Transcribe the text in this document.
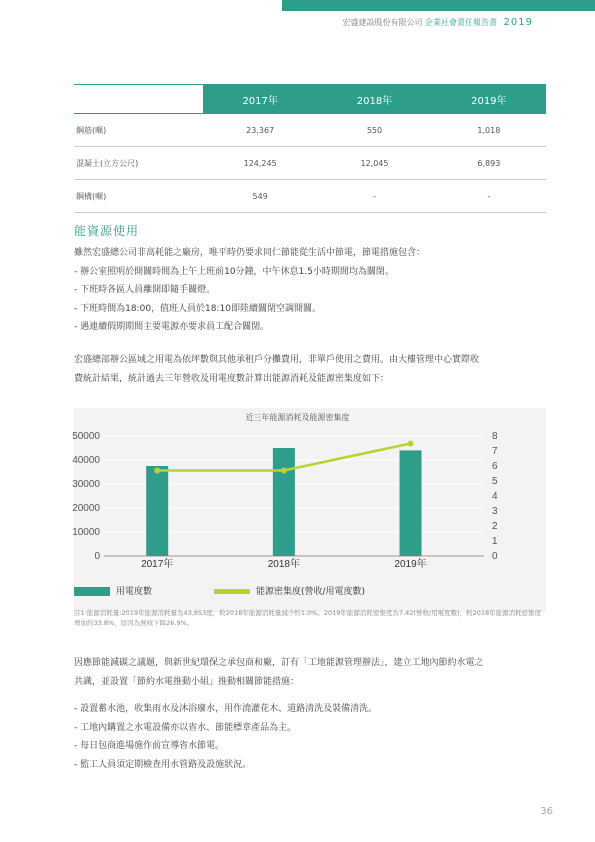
宏盛建設股份有限公司 企業社會責任報告書 2019
	2017年	2018年	2019年
鋼筋(噸)	23,367	550	1,018
混凝土(立方公尺)	124,245	12,045	6,893
鋼構(噸)	549	-	-
能資源使用
雖然宏盛總公司非高耗能之廠房，唯平時仍要求同仁節能從生活中節電，節電措施包含：
- 辦公室照明於開關時間為上午上班前10分鐘，中午休息1.5小時期間均為關閉。
- 下班時各區人員離開即隨手關燈。
- 下班時間為18:00，值班人員於18:10即陸續關閉空調開關。
- 遇連續假期期間主要電源亦要求員工配合關閉。
宏盛總部辦公區域之用電為依坪數與其他承租戶分攤費用，非單戶使用之費用。由大樓管理中心實際收
費統計結果，統計過去三年營收及用電度數計算出能源消耗及能源密集度如下：
近三年能源消耗及能源密集度
0
10000
20000
30000
40000
50000
0
1
2
3
4
5
6
7
8
2017年	2018年	2019年
用電度數	能源密集度(營收/用電度數)
註1:能源消耗量:2019年能源消耗量為43,853度，較2018年能源消耗量減少約1.0%。2019年能源消耗密集度為7.42(營收/用電度數)，較2018年能源消耗密集度增加約33.8%，原因為營收下降26.9%。
因應節能減碳之議題，與新世紀環保之承包商和廠，訂有「工地能源管理辦法」，建立工地內節約水電之
共識，並設置「節約水電推動小組」推動相關節能措施：
- 設置蓄水池，收集雨水及沐浴廢水，用作澆灌花木、道路清洗及裝備清洗。
- 工地內購置之水電設備亦以省水、節能標章產品為主。
- 每日包商進場施作前宣導省水節電。
- 監工人員須定期檢查用水管路及設施狀況。
36
